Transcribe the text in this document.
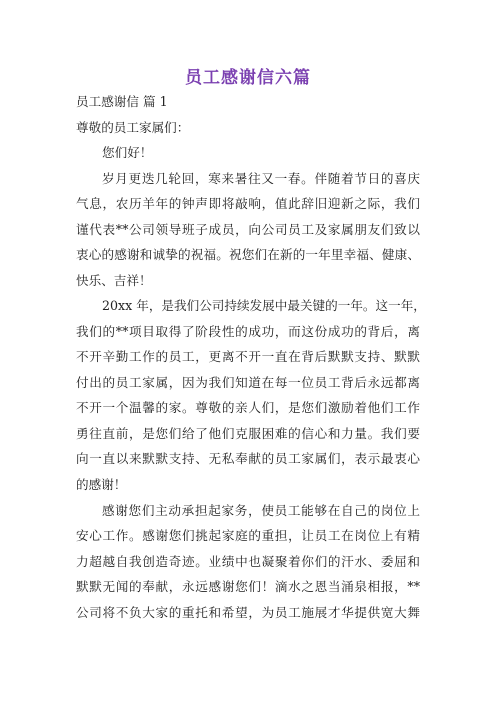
员工感谢信六篇
员工感谢信 篇 1
尊敬的员工家属们：
您们好！
岁月更迭几轮回，寒来暑往又一春。伴随着节日的喜庆
气息，农历羊年的钟声即将敲响，值此辞旧迎新之际，我们
谨代表**公司领导班子成员，向公司员工及家属朋友们致以
衷心的感谢和诚挚的祝福。祝您们在新的一年里幸福、健康、
快乐、吉祥！
20xx 年，是我们公司持续发展中最关键的一年。这一年，
我们的**项目取得了阶段性的成功，而这份成功的背后，离
不开辛勤工作的员工，更离不开一直在背后默默支持、默默
付出的员工家属，因为我们知道在每一位员工背后永远都离
不开一个温馨的家。尊敬的亲人们，是您们激励着他们工作
勇往直前，是您们给了他们克服困难的信心和力量。我们要
向一直以来默默支持、无私奉献的员工家属们，表示最衷心
的感谢！
感谢您们主动承担起家务，使员工能够在自己的岗位上
安心工作。感谢您们挑起家庭的重担，让员工在岗位上有精
力超越自我创造奇迹。业绩中也凝聚着你们的汗水、委屈和
默默无闻的奉献，永远感谢您们！滴水之恩当涌泉相报，**
公司将不负大家的重托和希望，为员工施展才华提供宽大舞
